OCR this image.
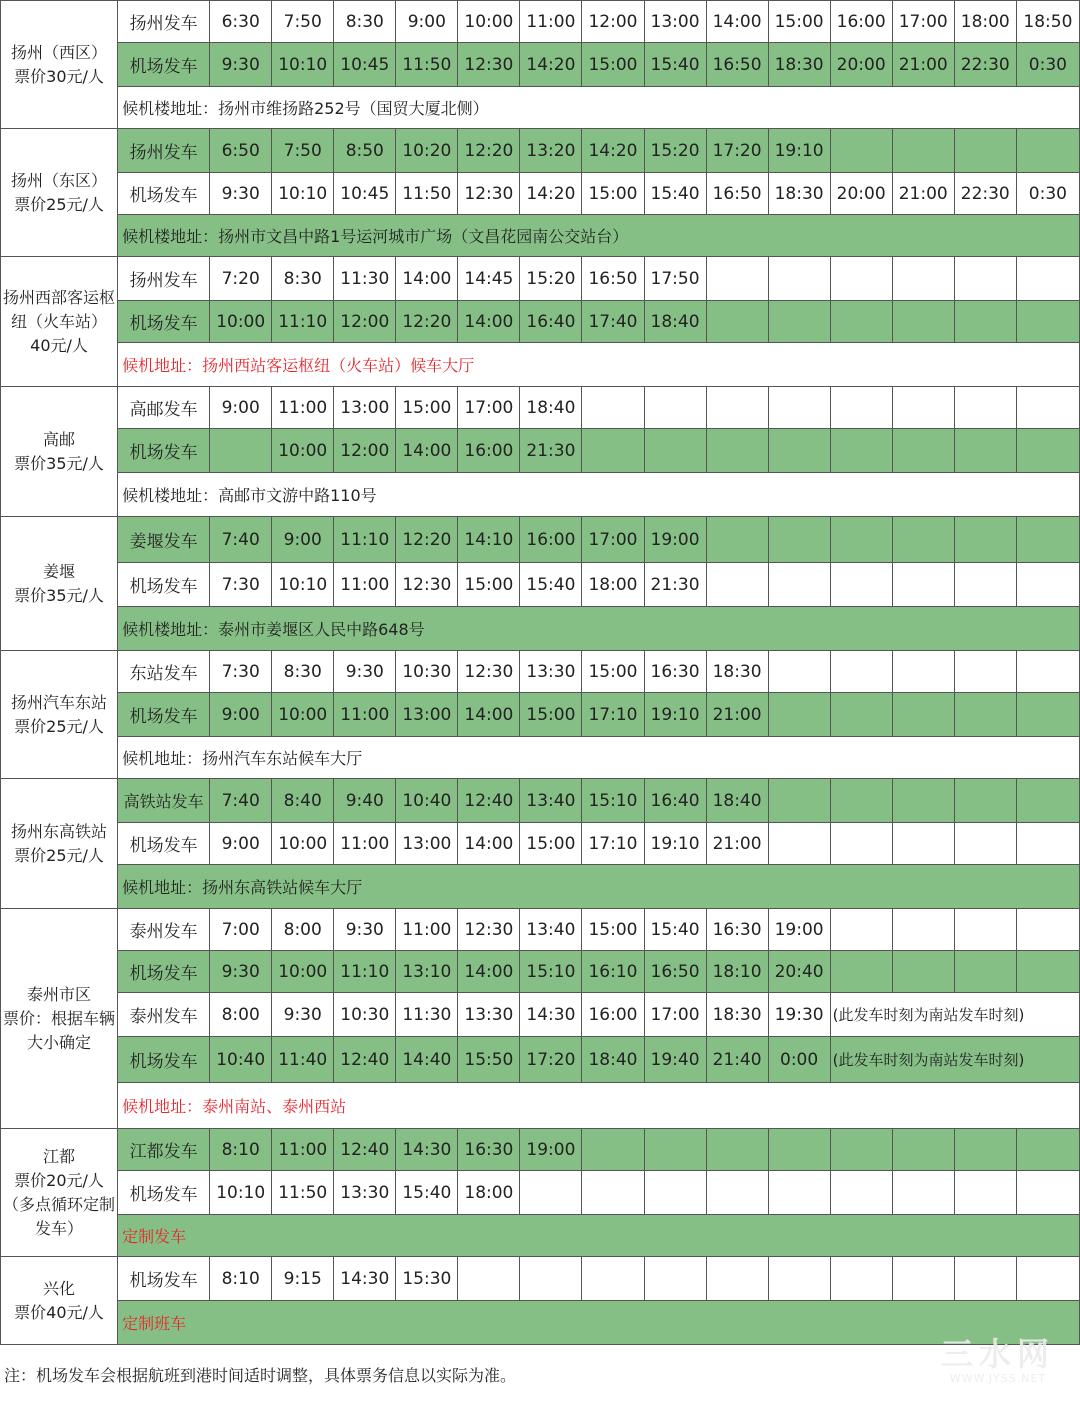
扬州（西区）
票价30元/人	扬州发车	6:30	7:50	8:30	9:00	10:00	11:00	12:00	13:00	14:00	15:00	16:00	17:00	18:00	18:50
	机场发车	9:30	10:10	10:45	11:50	12:30	14:20	15:00	15:40	16:50	18:30	20:00	21:00	22:30	0:30
	候机楼地址：扬州市维扬路252号（国贸大厦北侧）														
扬州（东区）
票价25元/人	扬州发车	6:50	7:50	8:50	10:20	12:20	13:20	14:20	15:20	17:20	19:10				
	机场发车	9:30	10:10	10:45	11:50	12:30	14:20	15:00	15:40	16:50	18:30	20:00	21:00	22:30	0:30
	候机楼地址：扬州市文昌中路1号运河城市广场（文昌花园南公交站台）														
扬州西部客运枢纽（火车站）40元/人	扬州发车	7:20	8:30	11:30	14:00	14:45	15:20	16:50	17:50						
	机场发车	10:00	11:10	12:00	12:20	14:00	16:40	17:40	18:40						
	候机地址：扬州西站客运枢纽（火车站）候车大厅														
高邮
票价35元/人	高邮发车	9:00	11:00	13:00	15:00	17:00	18:40								
	机场发车		10:00	12:00	14:00	16:00	21:30								
	候机楼地址：高邮市文游中路110号														
姜堰
票价35元/人	姜堰发车	7:40	9:00	11:10	12:20	14:10	16:00	17:00	19:00						
	机场发车	7:30	10:10	11:00	12:30	15:00	15:40	18:00	21:30						
	候机楼地址：泰州市姜堰区人民中路648号														
扬州汽车东站
票价25元/人	东站发车	7:30	8:30	9:30	10:30	12:30	13:30	15:00	16:30	18:30					
	机场发车	9:00	10:00	11:00	13:00	14:00	15:00	17:10	19:10	21:00					
	候机地址：扬州汽车东站候车大厅														
扬州东高铁站
票价25元/人	高铁站发车	7:40	8:40	9:40	10:40	12:40	13:40	15:10	16:40	18:40					
	机场发车	9:00	10:00	11:00	13:00	14:00	15:00	17:10	19:10	21:00					
	候机地址：扬州东高铁站候车大厅														
泰州市区
票价：根据车辆大小确定	泰州发车	7:00	8:00	9:30	11:00	12:30	13:40	15:00	15:40	16:30	19:00				
	机场发车	9:30	10:00	11:10	13:10	14:00	15:10	16:10	16:50	18:10	20:40				
	泰州发车	8:00	9:30	10:30	11:30	13:30	14:30	16:00	17:00	18:30	19:30	(此发车时刻为南站发车时刻)			
	机场发车	10:40	11:40	12:40	14:40	15:50	17:20	18:40	19:40	21:40	0:00	(此发车时刻为南站发车时刻)			
	候机地址：泰州南站、泰州西站														
江都
票价20元/人
（多点循环定制发车）	江都发车	8:10	11:00	12:40	14:30	16:30	19:00								
	机场发车	10:10	11:50	13:30	15:40	18:00									
	定制发车														
兴化
票价40元/人	机场发车	8:10	9:15	14:30	15:30										
	定制班车														
注：机场发车会根据航班到港时间适时调整，具体票务信息以实际为准。
三水网
WWW.JYSS.NET
